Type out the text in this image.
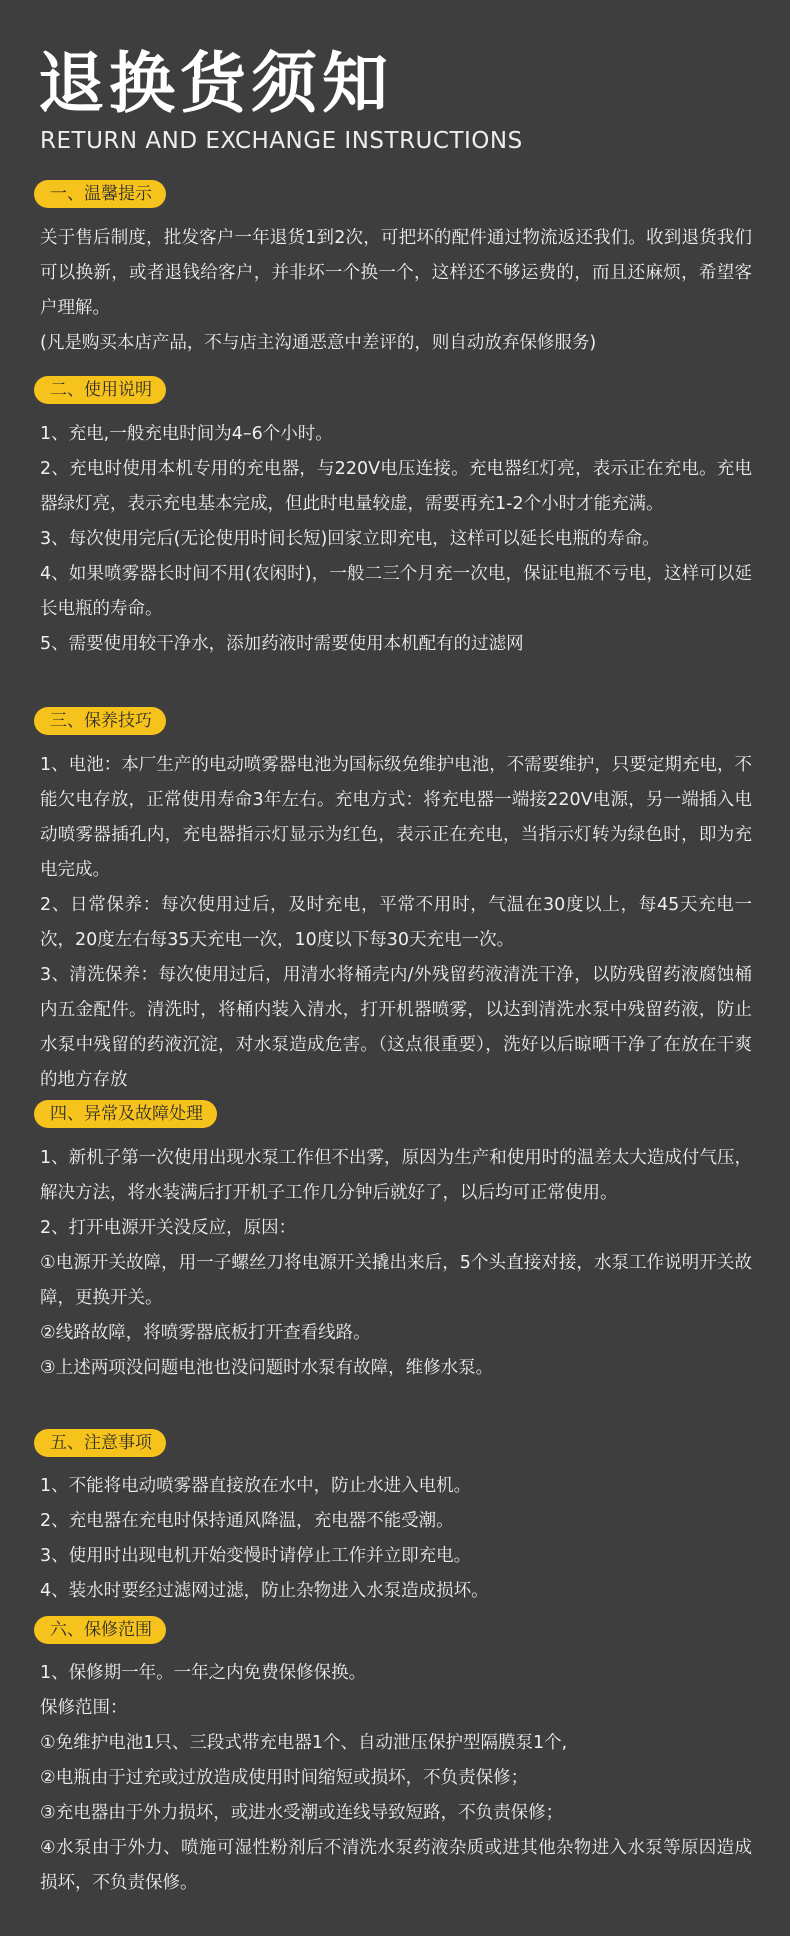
退换货须知
RETURN AND EXCHANGE INSTRUCTIONS
一、温馨提示

关于售后制度，批发客户一年退货1到2次，可把坏的配件通过物流返还我们。收到退货我们可以换新，或者退钱给客户，并非坏一个换一个，这样还不够运费的，而且还麻烦，希望客户理解。

(凡是购买本店产品，不与店主沟通恶意中差评的，则自动放弃保修服务)

二、使用说明

1、充电,一般充电时间为4–6个小时。

2、充电时使用本机专用的充电器，与220V电压连接。充电器红灯亮，表示正在充电。充电器绿灯亮，表示充电基本完成，但此时电量较虚，需要再充1-2个小时才能充满。

3、每次使用完后(无论使用时间长短)回家立即充电，这样可以延长电瓶的寿命。

4、如果喷雾器长时间不用(农闲时)，一般二三个月充一次电，保证电瓶不亏电，这样可以延长电瓶的寿命。

5、需要使用较干净水，添加药液时需要使用本机配有的过滤网

三、保养技巧

1、电池：本厂生产的电动喷雾器电池为国标级免维护电池，不需要维护，只要定期充电，不能欠电存放，正常使用寿命3年左右。充电方式：将充电器一端接220V电源，另一端插入电动喷雾器插孔内，充电器指示灯显示为红色，表示正在充电，当指示灯转为绿色时，即为充电完成。

2、日常保养：每次使用过后，及时充电，平常不用时，气温在30度以上，每45天充电一次，20度左右每35天充电一次，10度以下每30天充电一次。

3、清洗保养：每次使用过后，用清水将桶壳内/外残留药液清洗干净，以防残留药液腐蚀桶内五金配件。清洗时，将桶内装入清水，打开机器喷雾，以达到清洗水泵中残留药液，防止水泵中残留的药液沉淀，对水泵造成危害。（这点很重要），洗好以后晾晒干净了在放在干爽的地方存放

四、异常及故障处理

1、新机子第一次使用出现水泵工作但不出雾，原因为生产和使用时的温差太大造成付气压，解决方法，将水装满后打开机子工作几分钟后就好了，以后均可正常使用。

2、打开电源开关没反应，原因：

①电源开关故障，用一子螺丝刀将电源开关撬出来后，5个头直接对接，水泵工作说明开关故障，更换开关。

②线路故障，将喷雾器底板打开查看线路。

③上述两项没问题电池也没问题时水泵有故障，维修水泵。

五、注意事项

1、不能将电动喷雾器直接放在水中，防止水进入电机。

2、充电器在充电时保持通风降温，充电器不能受潮。

3、使用时出现电机开始变慢时请停止工作并立即充电。

4、装水时要经过滤网过滤，防止杂物进入水泵造成损坏。

六、保修范围

1、保修期一年。一年之内免费保修保换。

保修范围：

①免维护电池1只、三段式带充电器1个、自动泄压保护型隔膜泵1个,

②电瓶由于过充或过放造成使用时间缩短或损坏，不负责保修；

③充电器由于外力损坏，或进水受潮或连线导致短路，不负责保修；

④水泵由于外力、喷施可湿性粉剂后不清洗水泵药液杂质或进其他杂物进入水泵等原因造成损坏，不负责保修。
